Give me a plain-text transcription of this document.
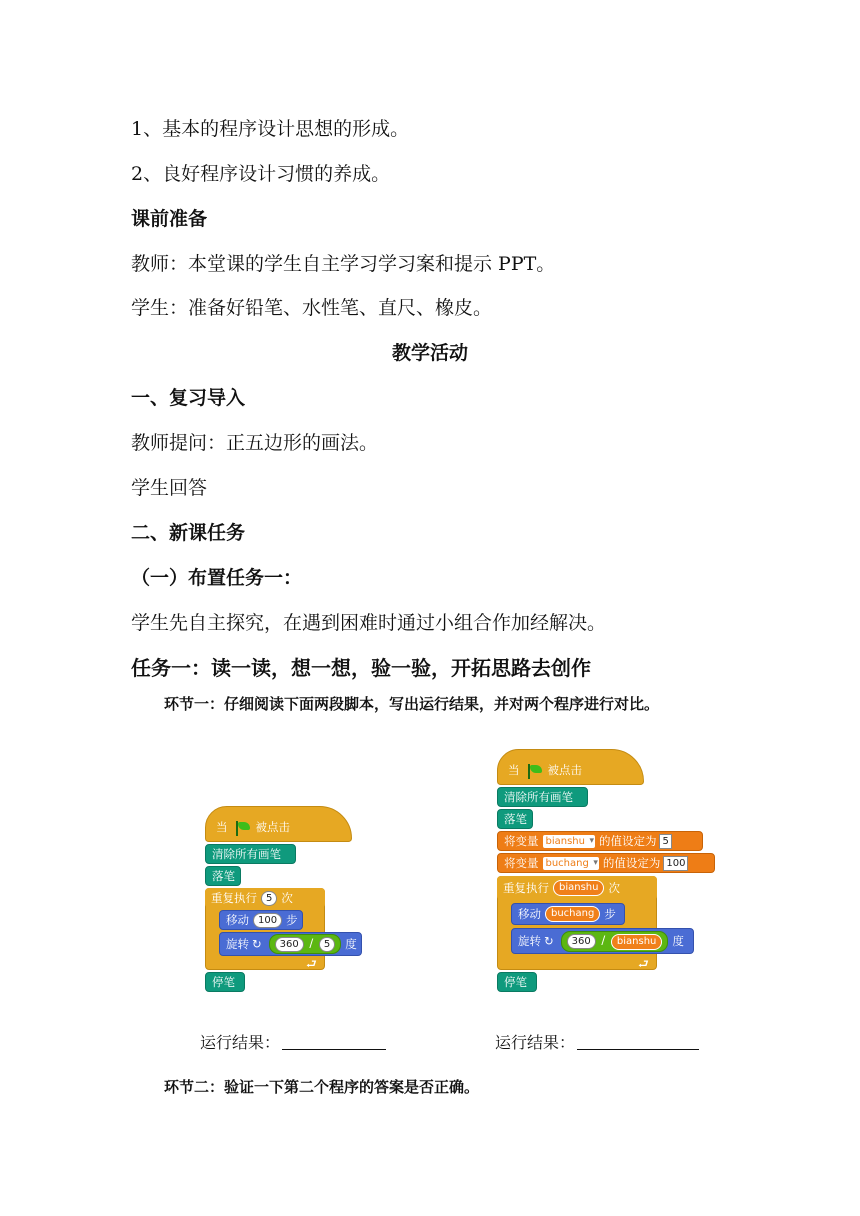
1、基本的程序设计思想的形成。
2、良好程序设计习惯的养成。
课前准备
教师：本堂课的学生自主学习学习案和提示 PPT。
学生：准备好铅笔、水性笔、直尺、橡皮。
教学活动
一、复习导入
教师提问：正五边形的画法。
学生回答
二、新课任务
（一）布置任务一：
学生先自主探究，在遇到困难时通过小组合作加经解决。
任务一：读一读，想一想，验一验，开拓思路去创作
环节一：仔细阅读下面两段脚本，写出运行结果，并对两个程序进行对比。
当 被点击
清除所有画笔
落笔
重复执行 5 次
移动 100 步
旋转 ↻	360 / 5	度
⮐
停笔
当 被点击
清除所有画笔
落笔
将变量 bianshu ▾	的值设定为 5
将变量 buchang ▾	的值设定为 100
重复执行	bianshu 次
移动	buchang 步
旋转 ↻	360 / bianshu	度
⮐
停笔
运行结果：	运行结果：
环节二：验证一下第二个程序的答案是否正确。
